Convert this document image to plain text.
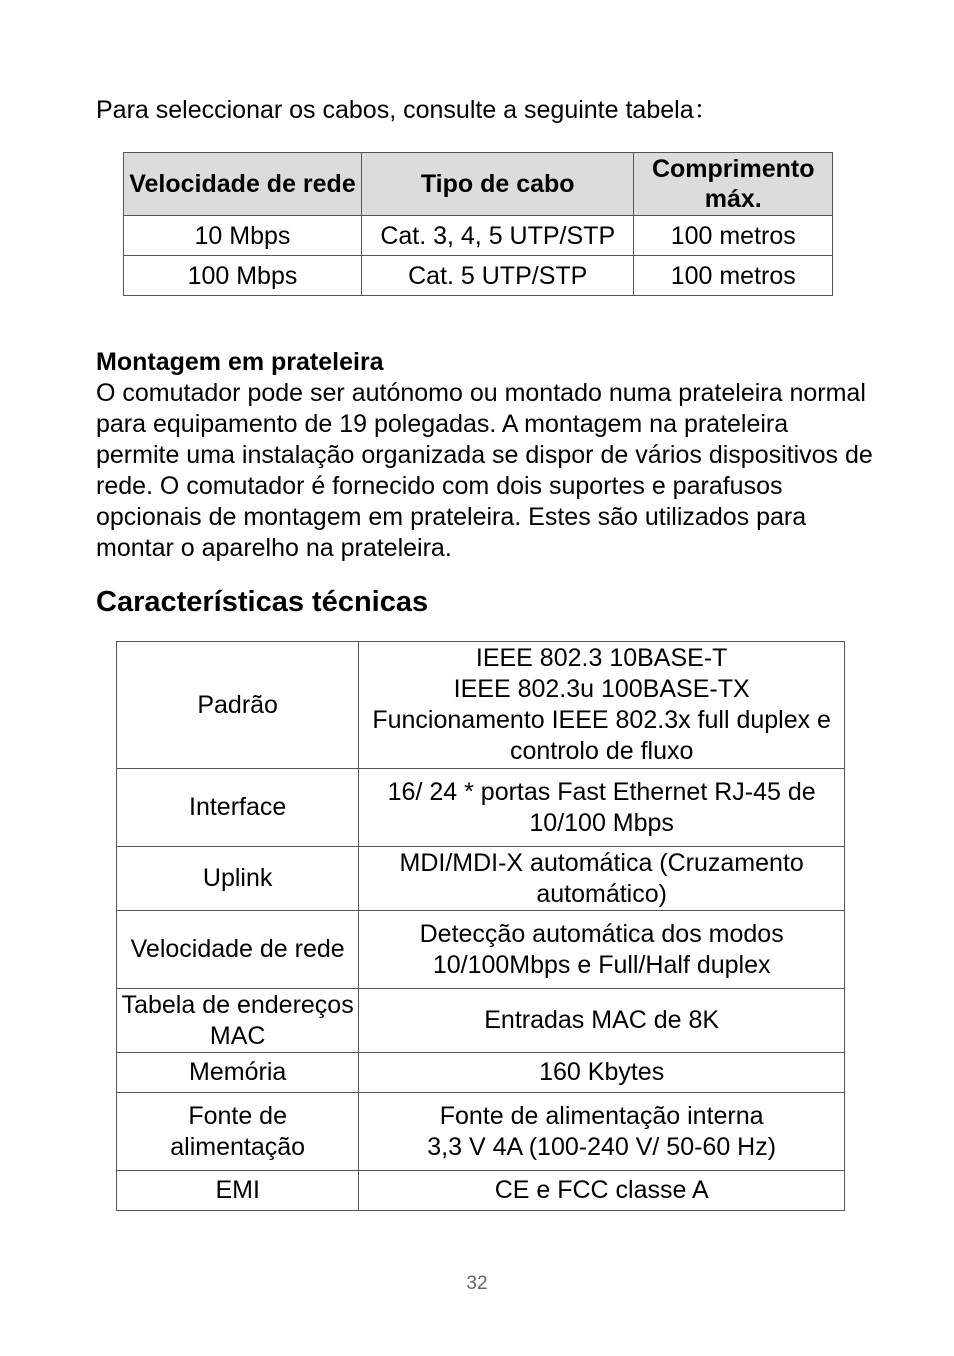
Para seleccionar os cabos, consulte a seguinte tabela：

Velocidade de rede	Tipo de cabo	Comprimento máx.
10 Mbps	Cat. 3, 4, 5 UTP/STP	100 metros
100 Mbps	Cat. 5 UTP/STP	100 metros
Montagem em prateleira

O comutador pode ser autónomo ou montado numa prateleira normal para equipamento de 19 polegadas. A montagem na prateleira permite uma instalação organizada se dispor de vários dispositivos de rede. O comutador é fornecido com dois suportes e parafusos opcionais de montagem em prateleira. Estes são utilizados para montar o aparelho na prateleira.

Características técnicas
Padrão	IEEE 802.3 10BASE-T
IEEE 802.3u 100BASE-TX
Funcionamento IEEE 802.3x full duplex e controlo de fluxo

Interface	16/ 24 * portas Fast Ethernet RJ-45 de 10/100 Mbps

Uplink	MDI/MDI-X automática (Cruzamento automático)

Velocidade de rede	Detecção automática dos modos 10/100Mbps e Full/Half duplex

Tabela de endereços MAC	Entradas MAC de 8K

Memória	160 Kbytes

Fonte de alimentação	Fonte de alimentação interna
3,3 V 4A (100-240 V/ 50-60 Hz)

EMI	CE e FCC classe A

32
